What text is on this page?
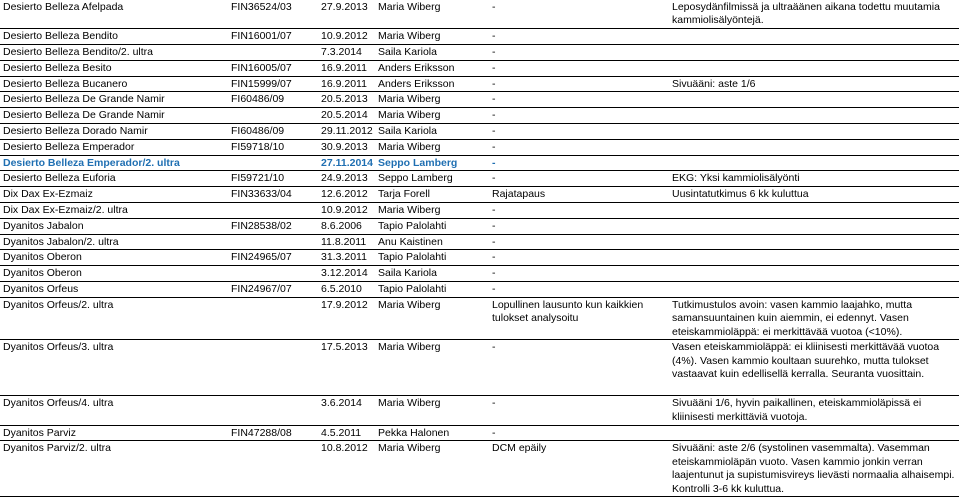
Desierto Belleza Afelpada	FIN36524/03	27.9.2013	Maria Wiberg	-	Leposydänfilmissä ja ultraäänen aikana todettu muutamia kammiolisälyöntejä.
Desierto Belleza Bendito	FIN16001/07	10.9.2012	Maria Wiberg	-	
Desierto Belleza Bendito/2. ultra		7.3.2014	Saila Kariola	-	
Desierto Belleza Besito	FIN16005/07	16.9.2011	Anders Eriksson	-	
Desierto Belleza Bucanero	FIN15999/07	16.9.2011	Anders Eriksson	-	Sivuääni: aste 1/6
Desierto Belleza De Grande Namir	FI60486/09	20.5.2013	Maria Wiberg	-	
Desierto Belleza De Grande Namir		20.5.2014	Maria Wiberg	-	
Desierto Belleza Dorado Namir	FI60486/09	29.11.2012	Saila Kariola	-	
Desierto Belleza Emperador	FI59718/10	30.9.2013	Maria Wiberg	-	
Desierto Belleza Emperador/2. ultra		27.11.2014	Seppo Lamberg	-	
Desierto Belleza Euforia	FI59721/10	24.9.2013	Seppo Lamberg	-	EKG: Yksi kammiolisälyönti
Dix Dax Ex-Ezmaiz	FIN33633/04	12.6.2012	Tarja Forell	Rajatapaus	Uusintatutkimus 6 kk kuluttua
Dix Dax Ex-Ezmaiz/2. ultra		10.9.2012	Maria Wiberg	-	
Dyanitos Jabalon	FIN28538/02	8.6.2006	Tapio Palolahti	-	
Dyanitos Jabalon/2. ultra		11.8.2011	Anu Kaistinen	-	
Dyanitos Oberon	FIN24965/07	31.3.2011	Tapio Palolahti	-	
Dyanitos Oberon		3.12.2014	Saila Kariola	-	
Dyanitos Orfeus	FIN24967/07	6.5.2010	Tapio Palolahti	-	
Dyanitos Orfeus/2. ultra		17.9.2012	Maria Wiberg	Lopullinen lausunto kun kaikkien tulokset analysoitu	Tutkimustulos avoin: vasen kammio laajahko, mutta samansuuntainen kuin aiemmin, ei edennyt. Vasen eteiskammioläppä: ei merkittävää vuotoa (<10%).
Dyanitos Orfeus/3. ultra		17.5.2013	Maria Wiberg	-	Vasen eteiskammioläppä: ei kliinisesti merkittävää vuotoa (4%). Vasen kammio koultaan suurehko, mutta tulokset vastaavat kuin edellisellä kerralla. Seuranta vuosittain.
Dyanitos Orfeus/4. ultra		3.6.2014	Maria Wiberg	-	Sivuääni 1/6, hyvin paikallinen, eteiskammioläpissä ei kliinisesti merkittäviä vuotoja.
Dyanitos Parviz	FIN47288/08	4.5.2011	Pekka Halonen	-	
Dyanitos Parviz/2. ultra		10.8.2012	Maria Wiberg	DCM epäily	Sivuääni: aste 2/6 (systolinen vasemmalta). Vasemman eteiskammioläpän vuoto. Vasen kammio jonkin verran laajentunut ja supistumisvireys lievästi normaalia alhaisempi. Kontrolli 3-6 kk kuluttua.
